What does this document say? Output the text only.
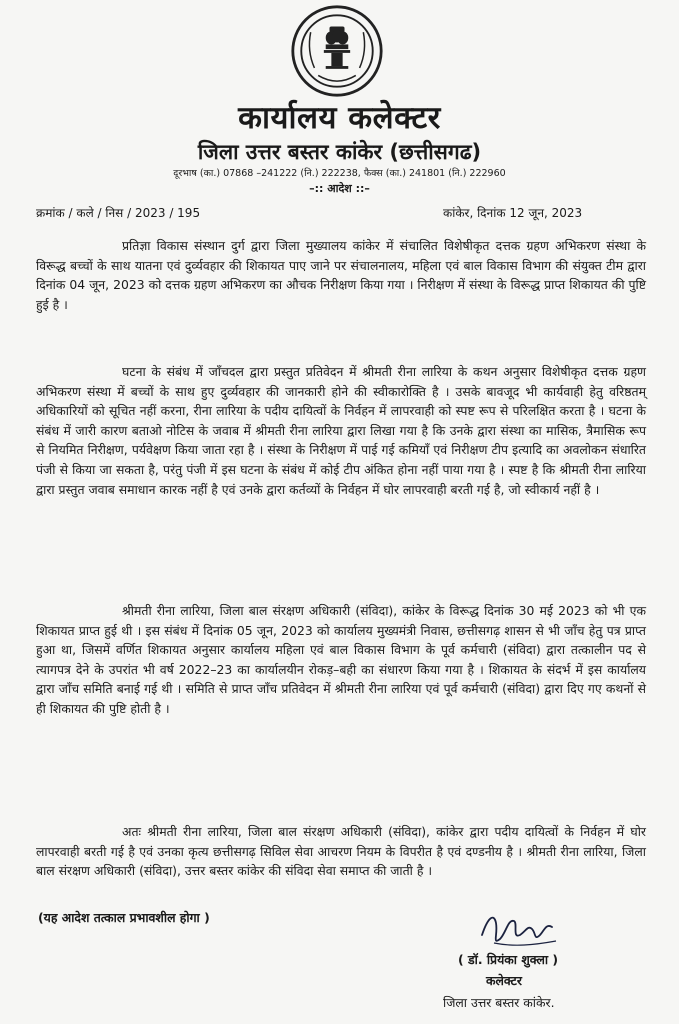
कार्यालय कलेक्टर
जिला उत्तर बस्तर कांकेर (छत्तीसगढ)
दूरभाष (का.) 07868 –241222 (नि.) 222238, फैक्स (का.) 241801 (नि.) 222960
–:: आदेश ::–
क्रमांक / कले / निस / 2023 / 195	कांकेर, दिनांक 12 जून, 2023

प्रतिज्ञा विकास संस्थान दुर्ग द्वारा जिला मुख्यालय कांकेर में संचालित विशेषीकृत दत्तक ग्रहण अभिकरण संस्था के विरूद्ध बच्चों के साथ यातना एवं दुर्व्यवहार की शिकायत पाए जाने पर संचालनालय, महिला एवं बाल विकास विभाग की संयुक्त टीम द्वारा दिनांक 04 जून, 2023 को दत्तक ग्रहण अभिकरण का औचक निरीक्षण किया गया । निरीक्षण में संस्था के विरूद्ध प्राप्त शिकायत की पुष्टि हुई है ।

घटना के संबंध में जाँचदल द्वारा प्रस्तुत प्रतिवेदन में श्रीमती रीना लारिया के कथन अनुसार विशेषीकृत दत्तक ग्रहण अभिकरण संस्था में बच्चों के साथ हुए दुर्व्यवहार की जानकारी होने की स्वीकारोक्ति है । उसके बावजूद भी कार्यवाही हेतु वरिष्ठतम् अधिकारियों को सूचित नहीं करना, रीना लारिया के पदीय दायित्वों के निर्वहन में लापरवाही को स्पष्ट रूप से परिलक्षित करता है । घटना के संबंध में जारी कारण बताओ नोटिस के जवाब में श्रीमती रीना लारिया द्वारा लिखा गया है कि उनके द्वारा संस्था का मासिक, त्रैमासिक रूप से नियमित निरीक्षण, पर्यवेक्षण किया जाता रहा है । संस्था के निरीक्षण में पाई गई कमियाँ एवं निरीक्षण टीप इत्यादि का अवलोकन संधारित पंजी से किया जा सकता है, परंतु पंजी में इस घटना के संबंध में कोई टीप अंकित होना नहीं पाया गया है । स्पष्ट है कि श्रीमती रीना लारिया द्वारा प्रस्तुत जवाब समाधान कारक नहीं है एवं उनके द्वारा कर्तव्यों के निर्वहन में घोर लापरवाही बरती गई है, जो स्वीकार्य नहीं है ।

श्रीमती रीना लारिया, जिला बाल संरक्षण अधिकारी (संविदा), कांकेर के विरूद्ध दिनांक 30 मई 2023 को भी एक शिकायत प्राप्त हुई थी । इस संबंध में दिनांक 05 जून, 2023 को कार्यालय मुख्यमंत्री निवास, छत्तीसगढ़ शासन से भी जाँच हेतु पत्र प्राप्त हुआ था, जिसमें वर्णित शिकायत अनुसार कार्यालय महिला एवं बाल विकास विभाग के पूर्व कर्मचारी (संविदा) द्वारा तत्कालीन पद से त्यागपत्र देने के उपरांत भी वर्ष 2022–23 का कार्यालयीन रोकड़–बही का संधारण किया गया है । शिकायत के संदर्भ में इस कार्यालय द्वारा जाँच समिति बनाई गई थी । समिति से प्राप्त जाँच प्रतिवेदन में श्रीमती रीना लारिया एवं पूर्व कर्मचारी (संविदा) द्वारा दिए गए कथनों से ही शिकायत की पुष्टि होती है ।

अतः श्रीमती रीना लारिया, जिला बाल संरक्षण अधिकारी (संविदा), कांकेर द्वारा पदीय दायित्वों के निर्वहन में घोर लापरवाही बरती गई है एवं उनका कृत्य छत्तीसगढ़ सिविल सेवा आचरण नियम के विपरीत है एवं दण्डनीय है । श्रीमती रीना लारिया, जिला बाल संरक्षण अधिकारी (संविदा), उत्तर बस्तर कांकेर की संविदा सेवा समाप्त की जाती है ।

(यह आदेश तत्काल प्रभावशील होगा )
( डॉ. प्रियंका शुक्ला )
कलेक्टर
जिला उत्तर बस्तर कांकेर.
